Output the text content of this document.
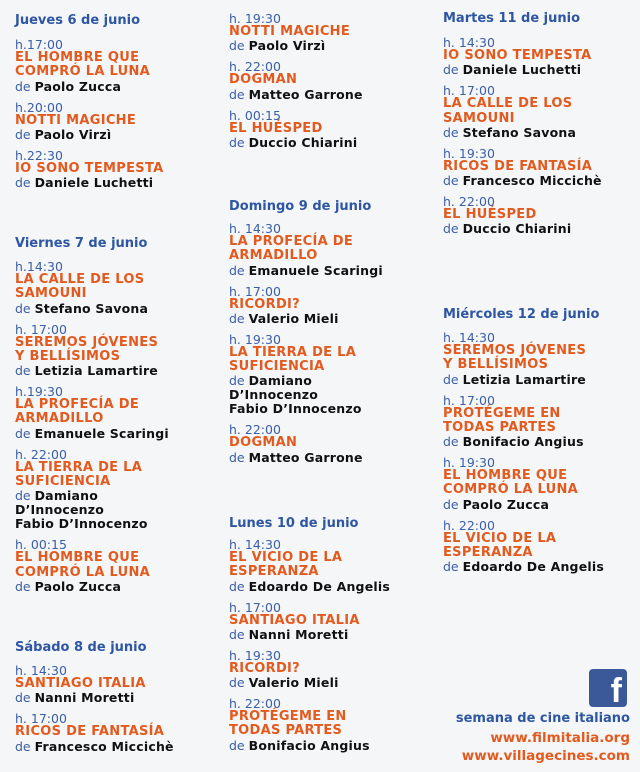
Jueves 6 de junio
h.17:00
EL HOMBRE QUE
COMPRÓ LA LUNA
de Paolo Zucca
h.20:00
NOTTI MAGICHE
de Paolo Virzì
h.22:30
IO SONO TEMPESTA
de Daniele Luchetti
Viernes 7 de junio
h.14:30
LA CALLE DE LOS
SAMOUNI
de Stefano Savona
h. 17:00
SEREMOS JÓVENES
Y BELLÍSIMOS
de Letizia Lamartire
h.19:30
LA PROFECÍA DE
ARMADILLO
de Emanuele Scaringi
h. 22:00
LA TIERRA DE LA
SUFICIENCIA
de Damiano
D’Innocenzo
Fabio D’Innocenzo
h. 00:15
EL HOMBRE QUE
COMPRÓ LA LUNA
de Paolo Zucca
Sábado 8 de junio
h. 14:30
SANTIAGO ITALIA
de Nanni Moretti
h. 17:00
RICOS DE FANTASÍA
de Francesco Miccichè
h. 19:30
NOTTI MAGICHE
de Paolo Virzì
h. 22:00
DOGMAN
de Matteo Garrone
h. 00:15
EL HUÉSPED
de Duccio Chiarini
Domingo 9 de junio
h. 14:30
LA PROFECÍA DE
ARMADILLO
de Emanuele Scaringi
h. 17:00
RICORDI?
de Valerio Mieli
h. 19:30
LA TIERRA DE LA
SUFICIENCIA
de Damiano
D’Innocenzo
Fabio D’Innocenzo
h. 22:00
DOGMAN
de Matteo Garrone
Lunes 10 de junio
h. 14:30
EL VICIO DE LA
ESPERANZA
de Edoardo De Angelis
h. 17:00
SANTIAGO ITALIA
de Nanni Moretti
h. 19:30
RICORDI?
de Valerio Mieli
h. 22:00
PROTÉGEME EN
TODAS PARTES
de Bonifacio Angius
Martes 11 de junio
h. 14:30
IO SONO TEMPESTA
de Daniele Luchetti
h. 17:00
LA CALLE DE LOS
SAMOUNI
de Stefano Savona
h. 19:30
RICOS DE FANTASÍA
de Francesco Miccichè
h. 22:00
EL HUÉSPED
de Duccio Chiarini
Miércoles 12 de junio
h. 14:30
SEREMOS JÓVENES
Y BELLÍSIMOS
de Letizia Lamartire
h. 17:00
PROTÉGEME EN
TODAS PARTES
de Bonifacio Angius
h. 19:30
EL HOMBRE QUE
COMPRÓ LA LUNA
de Paolo Zucca
h. 22:00
EL VICIO DE LA
ESPERANZA
de Edoardo De Angelis
f
semana de cine italiano
www.filmitalia.org
www.villagecines.com
